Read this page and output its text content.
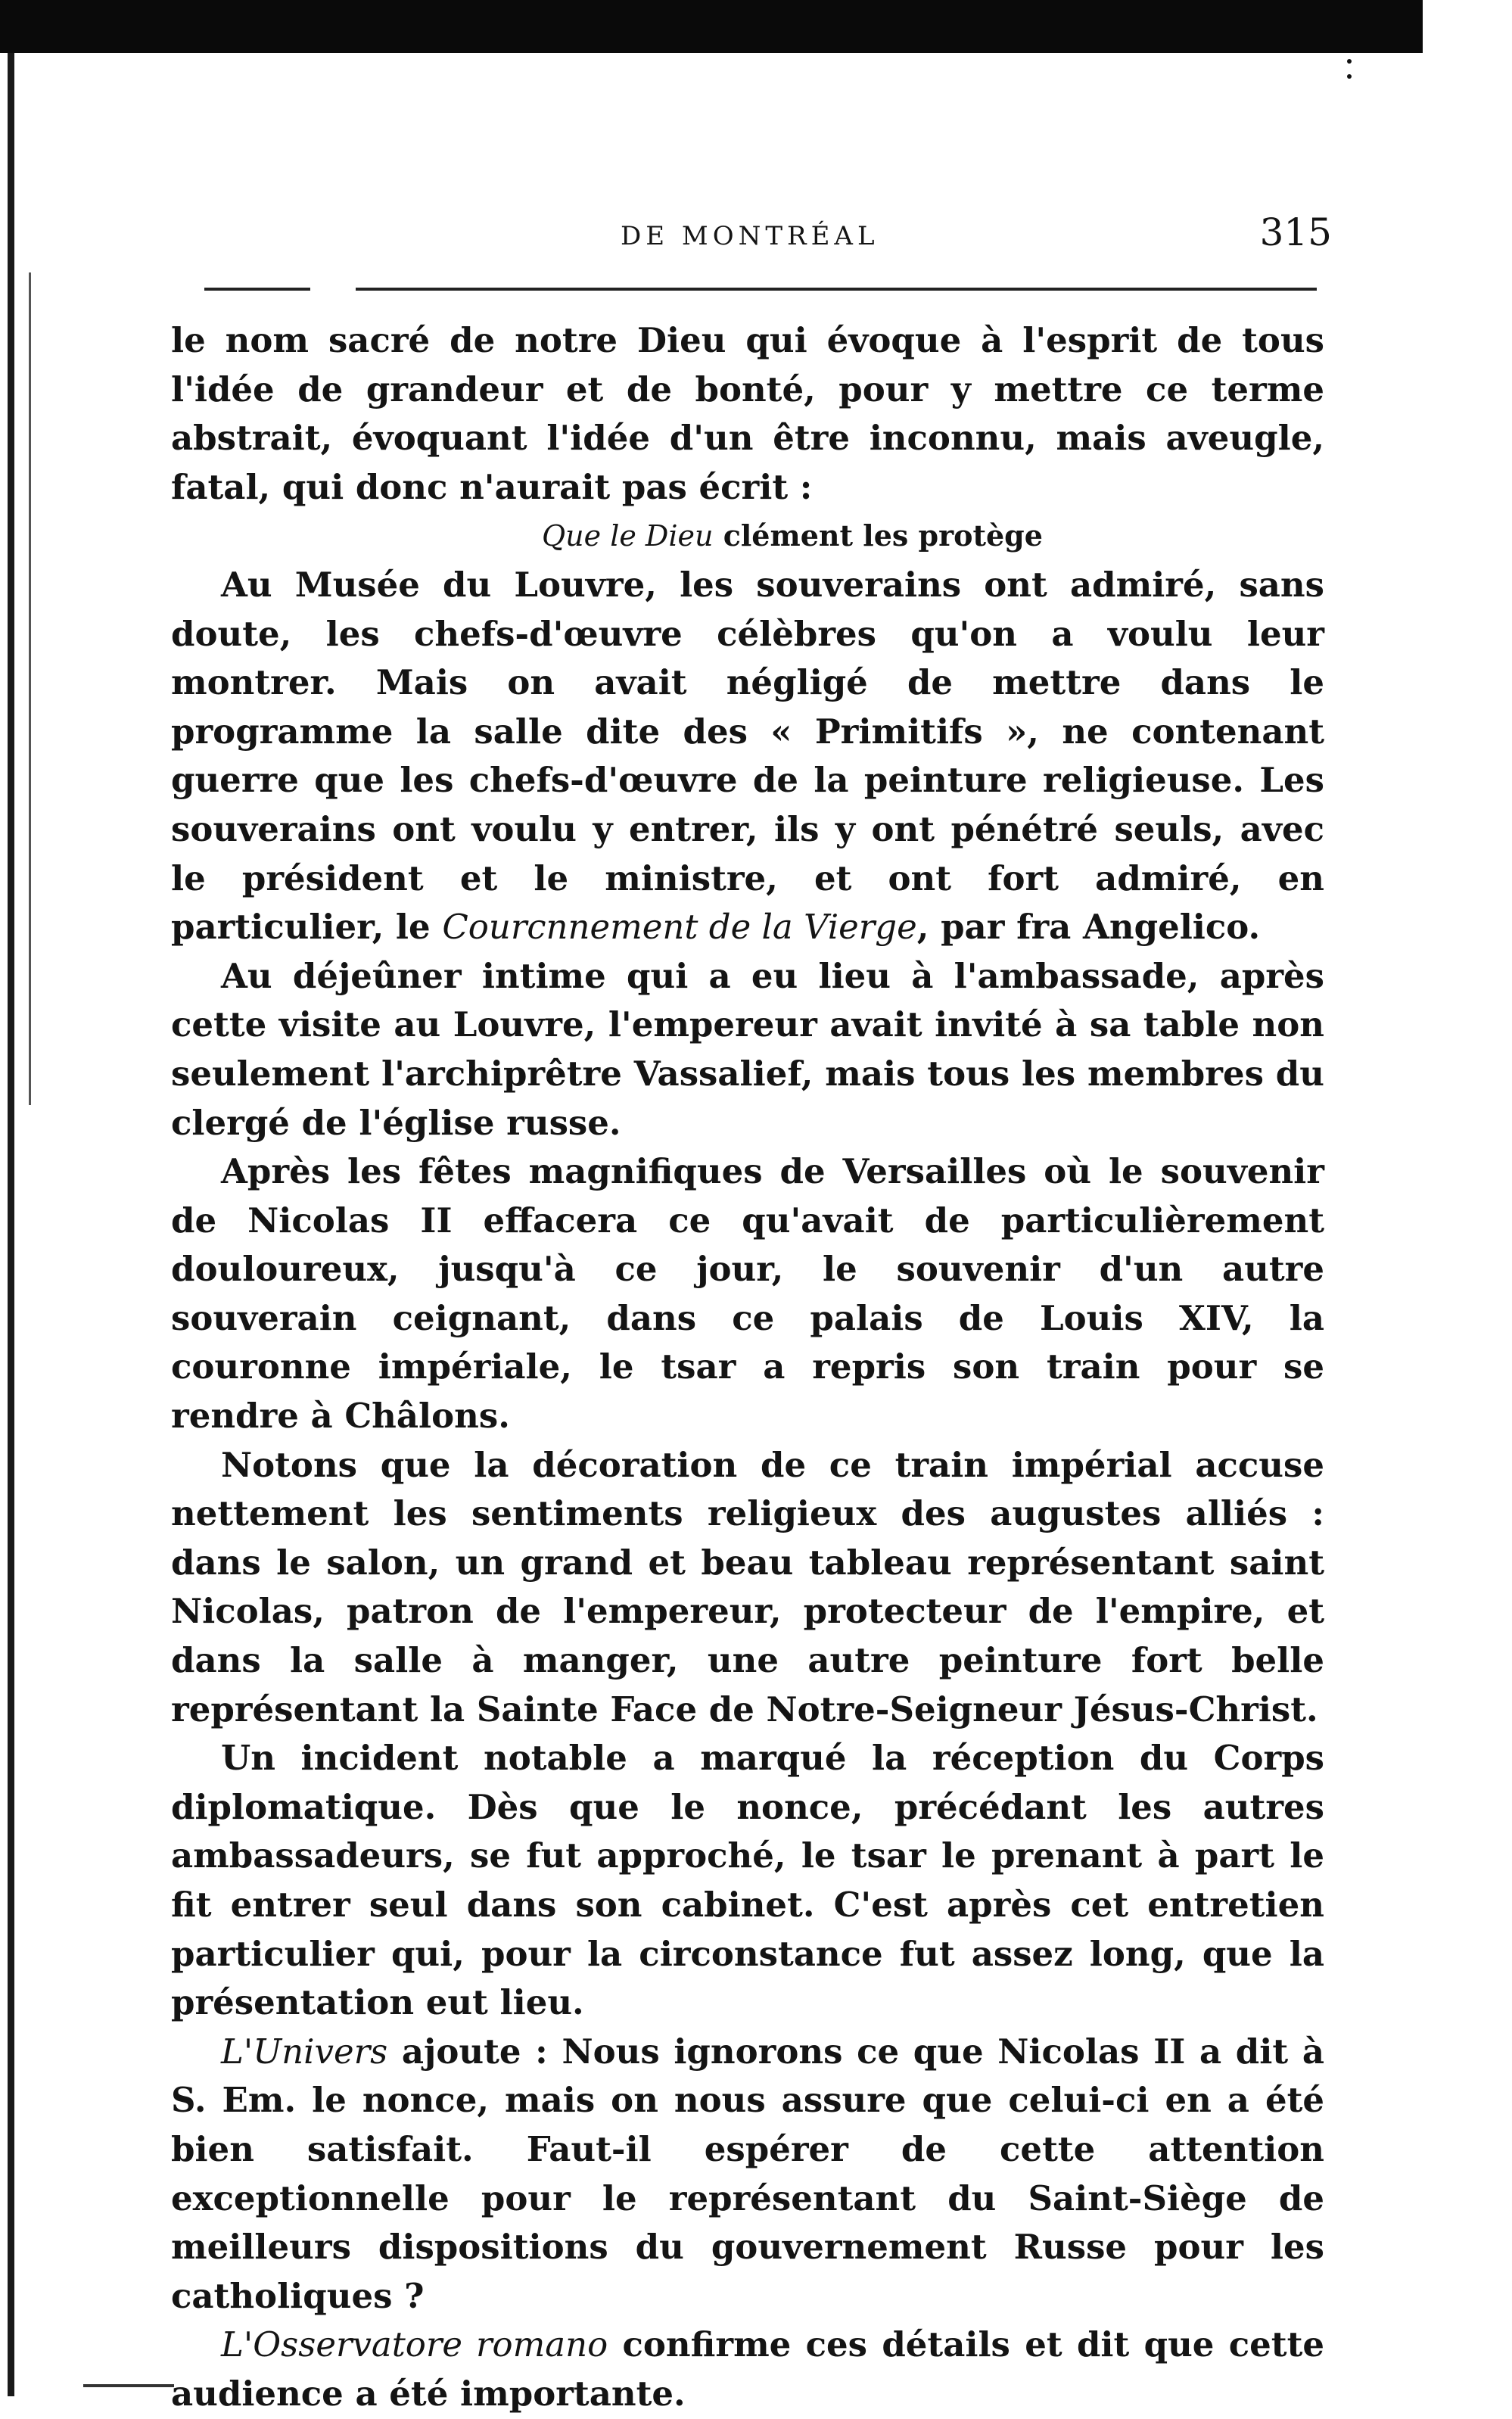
DE MONTRÉAL	315

le nom sacré de notre Dieu qui évoque à l'esprit de tous l'idée de grandeur et de bonté, pour y mettre ce terme abstrait, évoquant l'idée d'un être inconnu, mais aveugle, fatal, qui donc n'aurait pas écrit :

Que le Dieu clément les protège

Au Musée du Louvre, les souverains ont admiré, sans doute, les chefs-d'œuvre célèbres qu'on a voulu leur montrer. Mais on avait négligé de mettre dans le programme la salle dite des « Primitifs », ne contenant guerre que les chefs-d'œuvre de la peinture religieuse. Les souverains ont voulu y entrer, ils y ont pénétré seuls, avec le président et le ministre, et ont fort admiré, en particulier, le Courcnnement de la Vierge, par fra Angelico.

Au déjeûner intime qui a eu lieu à l'ambassade, après cette visite au Louvre, l'empereur avait invité à sa table non seulement l'archiprêtre Vassalief, mais tous les membres du clergé de l'église russe.

Après les fêtes magnifiques de Versailles où le souvenir de Nicolas II effacera ce qu'avait de particulièrement douloureux, jusqu'à ce jour, le souvenir d'un autre souverain ceignant, dans ce palais de Louis XIV, la couronne impériale, le tsar a repris son train pour se rendre à Châlons.

Notons que la décoration de ce train impérial accuse nettement les sentiments religieux des augustes alliés : dans le salon, un grand et beau tableau représentant saint Nicolas, patron de l'empereur, protecteur de l'empire, et dans la salle à manger, une autre peinture fort belle représentant la Sainte Face de Notre-Seigneur Jésus-Christ.

Un incident notable a marqué la réception du Corps diplomatique. Dès que le nonce, précédant les autres ambassadeurs, se fut approché, le tsar le prenant à part le fit entrer seul dans son cabinet. C'est après cet entretien particulier qui, pour la circonstance fut assez long, que la présentation eut lieu.

L'Univers ajoute : Nous ignorons ce que Nicolas II a dit à S. Em. le nonce, mais on nous assure que celui-ci en a été bien satisfait. Faut-il espérer de cette attention exceptionnelle pour le représentant du Saint-Siège de meilleurs dispositions du gouvernement Russe pour les catholiques ?

L'Osservatore romano confirme ces détails et dit que cette audience a été importante.
